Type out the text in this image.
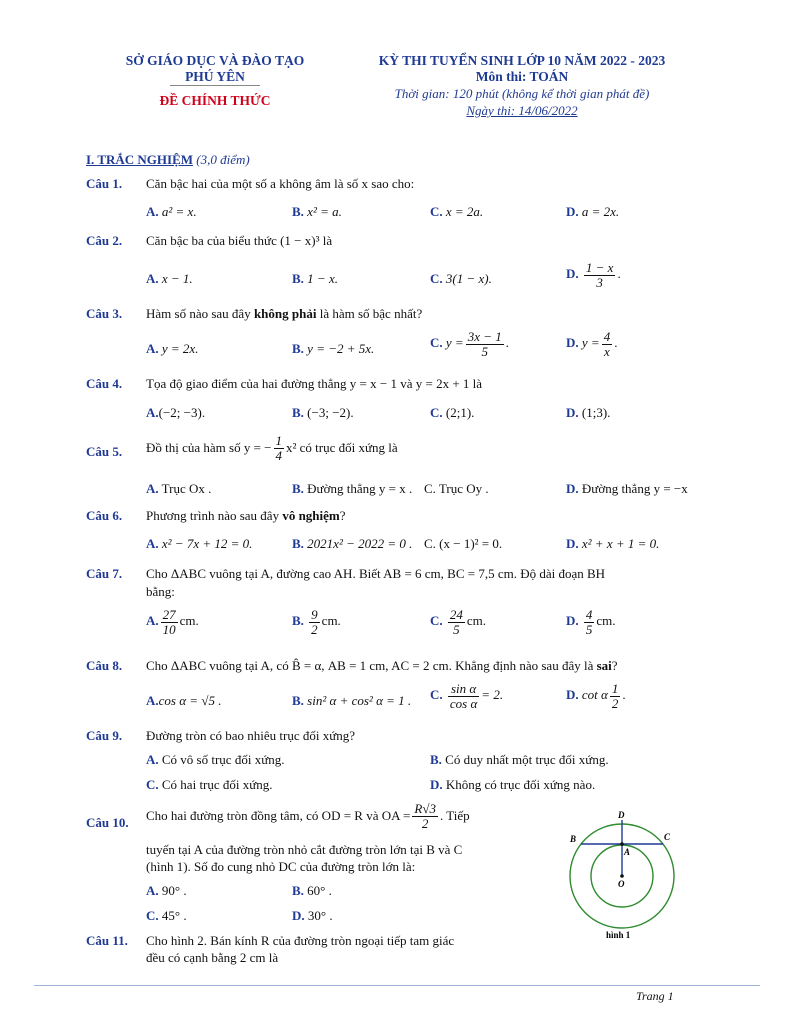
SỞ GIÁO DỤC VÀ ĐÀO TẠO
PHÚ YÊN
ĐỀ CHÍNH THỨC
KỲ THI TUYỂN SINH LỚP 10 NĂM 2022 - 2023
Môn thi: TOÁN
Thời gian: 120 phút (không kể thời gian phát đề)
Ngày thi: 14/06/2022
I. TRẮC NGHIỆM (3,0 điểm)
Câu 1. Căn bậc hai của một số a không âm là số x sao cho:
A. a² = x.	B. x² = a.	C. x = 2a.	D. a = 2x.
Câu 2. Căn bậc ba của biểu thức (1 − x)³ là
A. x − 1.	B. 1 − x.	C. 3(1 − x).	D. $\frac{1 - x}{3}$ .
Câu 3. Hàm số nào sau đây không phải là hàm số bậc nhất?
A. y = 2x.	B. y = −2 + 5x.	C. $y = \frac{3x - 1}{5}$ .	D. $y = \frac{4}{x}$ .
Câu 4. Tọa độ giao điểm của hai đường thẳng y = x − 1 và y = 2x + 1 là
A.(−2; −3).	B. (−3; −2).	C. (2;1).	D. (1;3).
Câu 5. Đồ thị của hàm số y = − $\frac{1}{4} x^2$ có trục đối xứng là
A. Trục Ox .	B. Đường thẳng y = x . C. Trục Oy .	D. Đường thẳng y = −x
Câu 6. Phương trình nào sau đây vô nghiệm?
A. x² − 7x + 12 = 0.	B. 2021x² − 2022 = 0 . C. (x − 1)² = 0.	D. x² + x + 1 = 0.
Câu 7. Cho ΔABC vuông tại A, đường cao AH. Biết AB = 6 cm, BC = 7,5 cm. Độ dài đoạn BH
bằng:
A. $\frac{27}{10}$ cm.	B. $\frac{9}{2}$ cm.	C. $\frac{24}{5}$ cm.	D. $\frac{4}{5}$ cm.
Câu 8. Cho ΔABC vuông tại A, có B̂ = α, AB = 1 cm, AC = 2 cm. Khẳng định nào sau đây là sai?
A.cos α = √5 .	B. sin² α + cos² α = 1 . C. $\frac{\text{sin α}}{\text{cos α}} = 2$.	D. cot α $\frac{1}{2}$ .
Câu 9. Đường tròn có bao nhiêu trục đối xứng?
A. Có vô số trục đối xứng.	B. Có duy nhất một trục đối xứng.
C. Có hai trục đối xứng.	D. Không có trục đối xứng nào.
Câu 10. Cho hai đường tròn đồng tâm, có OD = R và OA = $\frac{R√3}{2}$ . Tiếp
tuyến tại A của đường tròn nhỏ cắt đường tròn lớn tại B và C
(hình 1). Số đo cung nhỏ DC của đường tròn lớn là:
A. 90° .	B. 60° .
C. 45° .	D. 30° .
D
B	C
A
O
hình 1
Câu 11. Cho hình 2. Bán kính R của đường tròn ngoại tiếp tam giác
đều có cạnh bằng 2 cm là
Trang 1
